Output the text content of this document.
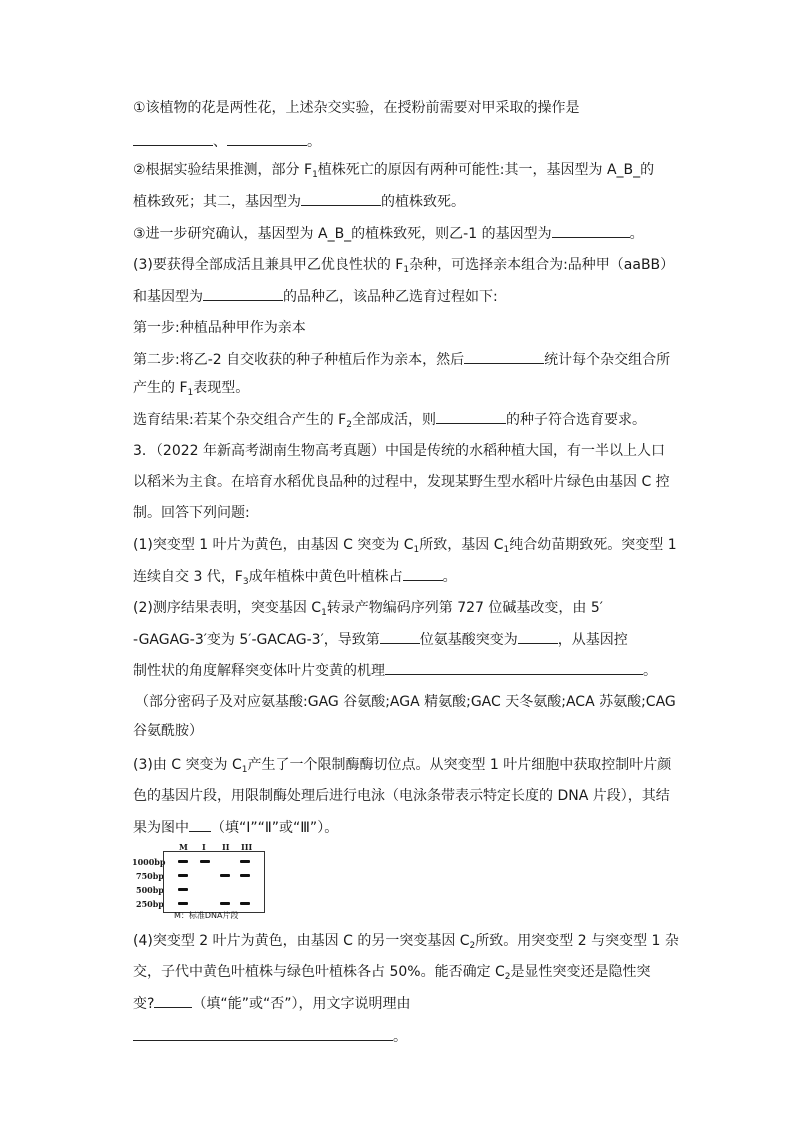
①该植物的花是两性花，上述杂交实验，在授粉前需要对甲采取的操作是
、	。
②根据实验结果推测，部分 $F_1$植株死亡的原因有两种可能性:其一，基因型为 A_B_的
植株致死；其二，基因型为	的植株致死。
③进一步研究确认，基因型为 A_B_的植株致死，则乙-1 的基因型为	。
(3)要获得全部成活且兼具甲乙优良性状的 $F_1$杂种，可选择亲本组合为:品种甲（aaBB）
和基因型为	的品种乙，该品种乙选育过程如下:
第一步:种植品种甲作为亲本
第二步:将乙-2 自交收获的种子种植后作为亲本，然后	统计每个杂交组合所
产生的 $F_1$表现型。
选育结果:若某个杂交组合产生的 $F_2$全部成活，则	的种子符合选育要求。
3．（2022 年新高考湖南生物高考真题）中国是传统的水稻种植大国，有一半以上人口
以稻米为主食。在培育水稻优良品种的过程中，发现某野生型水稻叶片绿色由基因 C 控
制。回答下列问题:
(1)突变型 1 叶片为黄色，由基因 C 突变为 $C_1$所致，基因 $C_1$纯合幼苗期致死。突变型 1
连续自交 3 代，$F_3$成年植株中黄色叶植株占	。
(2)测序结果表明，突变基因 $C_1$转录产物编码序列第 727 位碱基改变，由 5′
-GAGAG-3′变为 5′-GACAG-3′，导致第	位氨基酸突变为	，从基因控
制性状的角度解释突变体叶片变黄的机理	。
（部分密码子及对应氨基酸:GAG 谷氨酸;AGA 精氨酸;GAC 天冬氨酸;ACA 苏氨酸;CAG
谷氨酰胺）
(3)由 C 突变为 $C_1$产生了一个限制酶酶切位点。从突变型 1 叶片细胞中获取控制叶片颜
色的基因片段，用限制酶处理后进行电泳（电泳条带表示特定长度的 DNA 片段），其结
果为图中 （填“I”“Ⅱ”或“Ⅲ”）。
M I II III
1000bp
750bp
500bp
250bp
M：标准DNA片段
(4)突变型 2 叶片为黄色，由基因 C 的另一突变基因 $C_2$所致。用突变型 2 与突变型 1 杂
交，子代中黄色叶植株与绿色叶植株各占 50%。能否确定 $C_2$是显性突变还是隐性突
变?	（填“能”或“否”），用文字说明理由
。
